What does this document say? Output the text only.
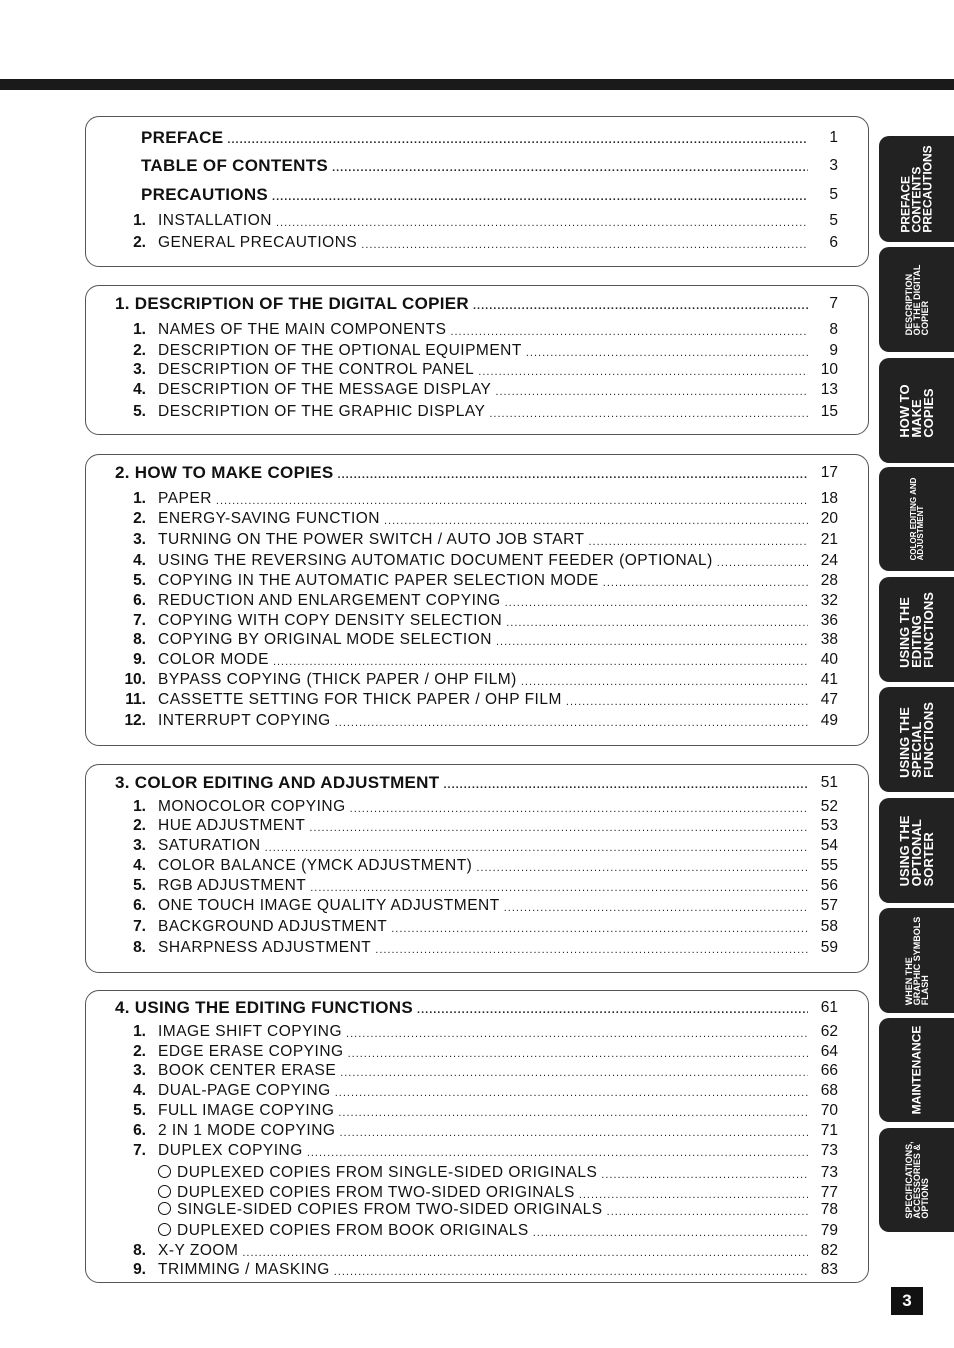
PREFACE .....	1
TABLE OF CONTENTS .....	3
PRECAUTIONS .....	5
1. INSTALLATION .....	5
2. GENERAL PRECAUTIONS .....	6
1. DESCRIPTION OF THE DIGITAL COPIER .....	7
1. NAMES OF THE MAIN COMPONENTS .....	8
2. DESCRIPTION OF THE OPTIONAL EQUIPMENT .....	9
3. DESCRIPTION OF THE CONTROL PANEL .....	10
4. DESCRIPTION OF THE MESSAGE DISPLAY .....	13
5. DESCRIPTION OF THE GRAPHIC DISPLAY .....	15
2. HOW TO MAKE COPIES .....	17
1. PAPER .....	18
2. ENERGY-SAVING FUNCTION .....	20
3. TURNING ON THE POWER SWITCH / AUTO JOB START .....	21
4. USING THE REVERSING AUTOMATIC DOCUMENT FEEDER (OPTIONAL) .....	24
5. COPYING IN THE AUTOMATIC PAPER SELECTION MODE .....	28
6. REDUCTION AND ENLARGEMENT COPYING .....	32
7. COPYING WITH COPY DENSITY SELECTION .....	36
8. COPYING BY ORIGINAL MODE SELECTION .....	38
9. COLOR MODE .....	40
10. BYPASS COPYING (THICK PAPER / OHP FILM) .....	41
11. CASSETTE SETTING FOR THICK PAPER / OHP FILM .....	47
12. INTERRUPT COPYING .....	49
3. COLOR EDITING AND ADJUSTMENT .....	51
1. MONOCOLOR COPYING .....	52
2. HUE ADJUSTMENT .....	53
3. SATURATION .....	54
4. COLOR BALANCE (YMCK ADJUSTMENT) .....	55
5. RGB ADJUSTMENT .....	56
6. ONE TOUCH IMAGE QUALITY ADJUSTMENT .....	57
7. BACKGROUND ADJUSTMENT .....	58
8. SHARPNESS ADJUSTMENT .....	59
4. USING THE EDITING FUNCTIONS .....	61
1. IMAGE SHIFT COPYING .....	62
2. EDGE ERASE COPYING .....	64
3. BOOK CENTER ERASE .....	66
4. DUAL-PAGE COPYING .....	68
5. FULL IMAGE COPYING .....	70
6. 2 IN 1 MODE COPYING .....	71
7. DUPLEX COPYING .....	73
DUPLEXED COPIES FROM SINGLE-SIDED ORIGINALS .....	73
DUPLEXED COPIES FROM TWO-SIDED ORIGINALS .....	77
SINGLE-SIDED COPIES FROM TWO-SIDED ORIGINALS .....	78
DUPLEXED COPIES FROM BOOK ORIGINALS .....	79
8. X-Y ZOOM .....	82
9. TRIMMING / MASKING .....	83
PREFACE
CONTENTS
PRECAUTIONS
DESCRIPTION
OF THE DIGITAL
COPIER
HOW TO
MAKE
COPIES
COLOR EDITING AND
ADJUSTMENT
USING THE
EDITING
FUNCTIONS
USING THE
SPECIAL
FUNCTIONS
USING THE
OPTIONAL
SORTER
WHEN THE
GRAPHIC SYMBOLS
FLASH
MAINTENANCE
SPECIFICATIONS,
ACCESSORIES &
OPTIONS
3
